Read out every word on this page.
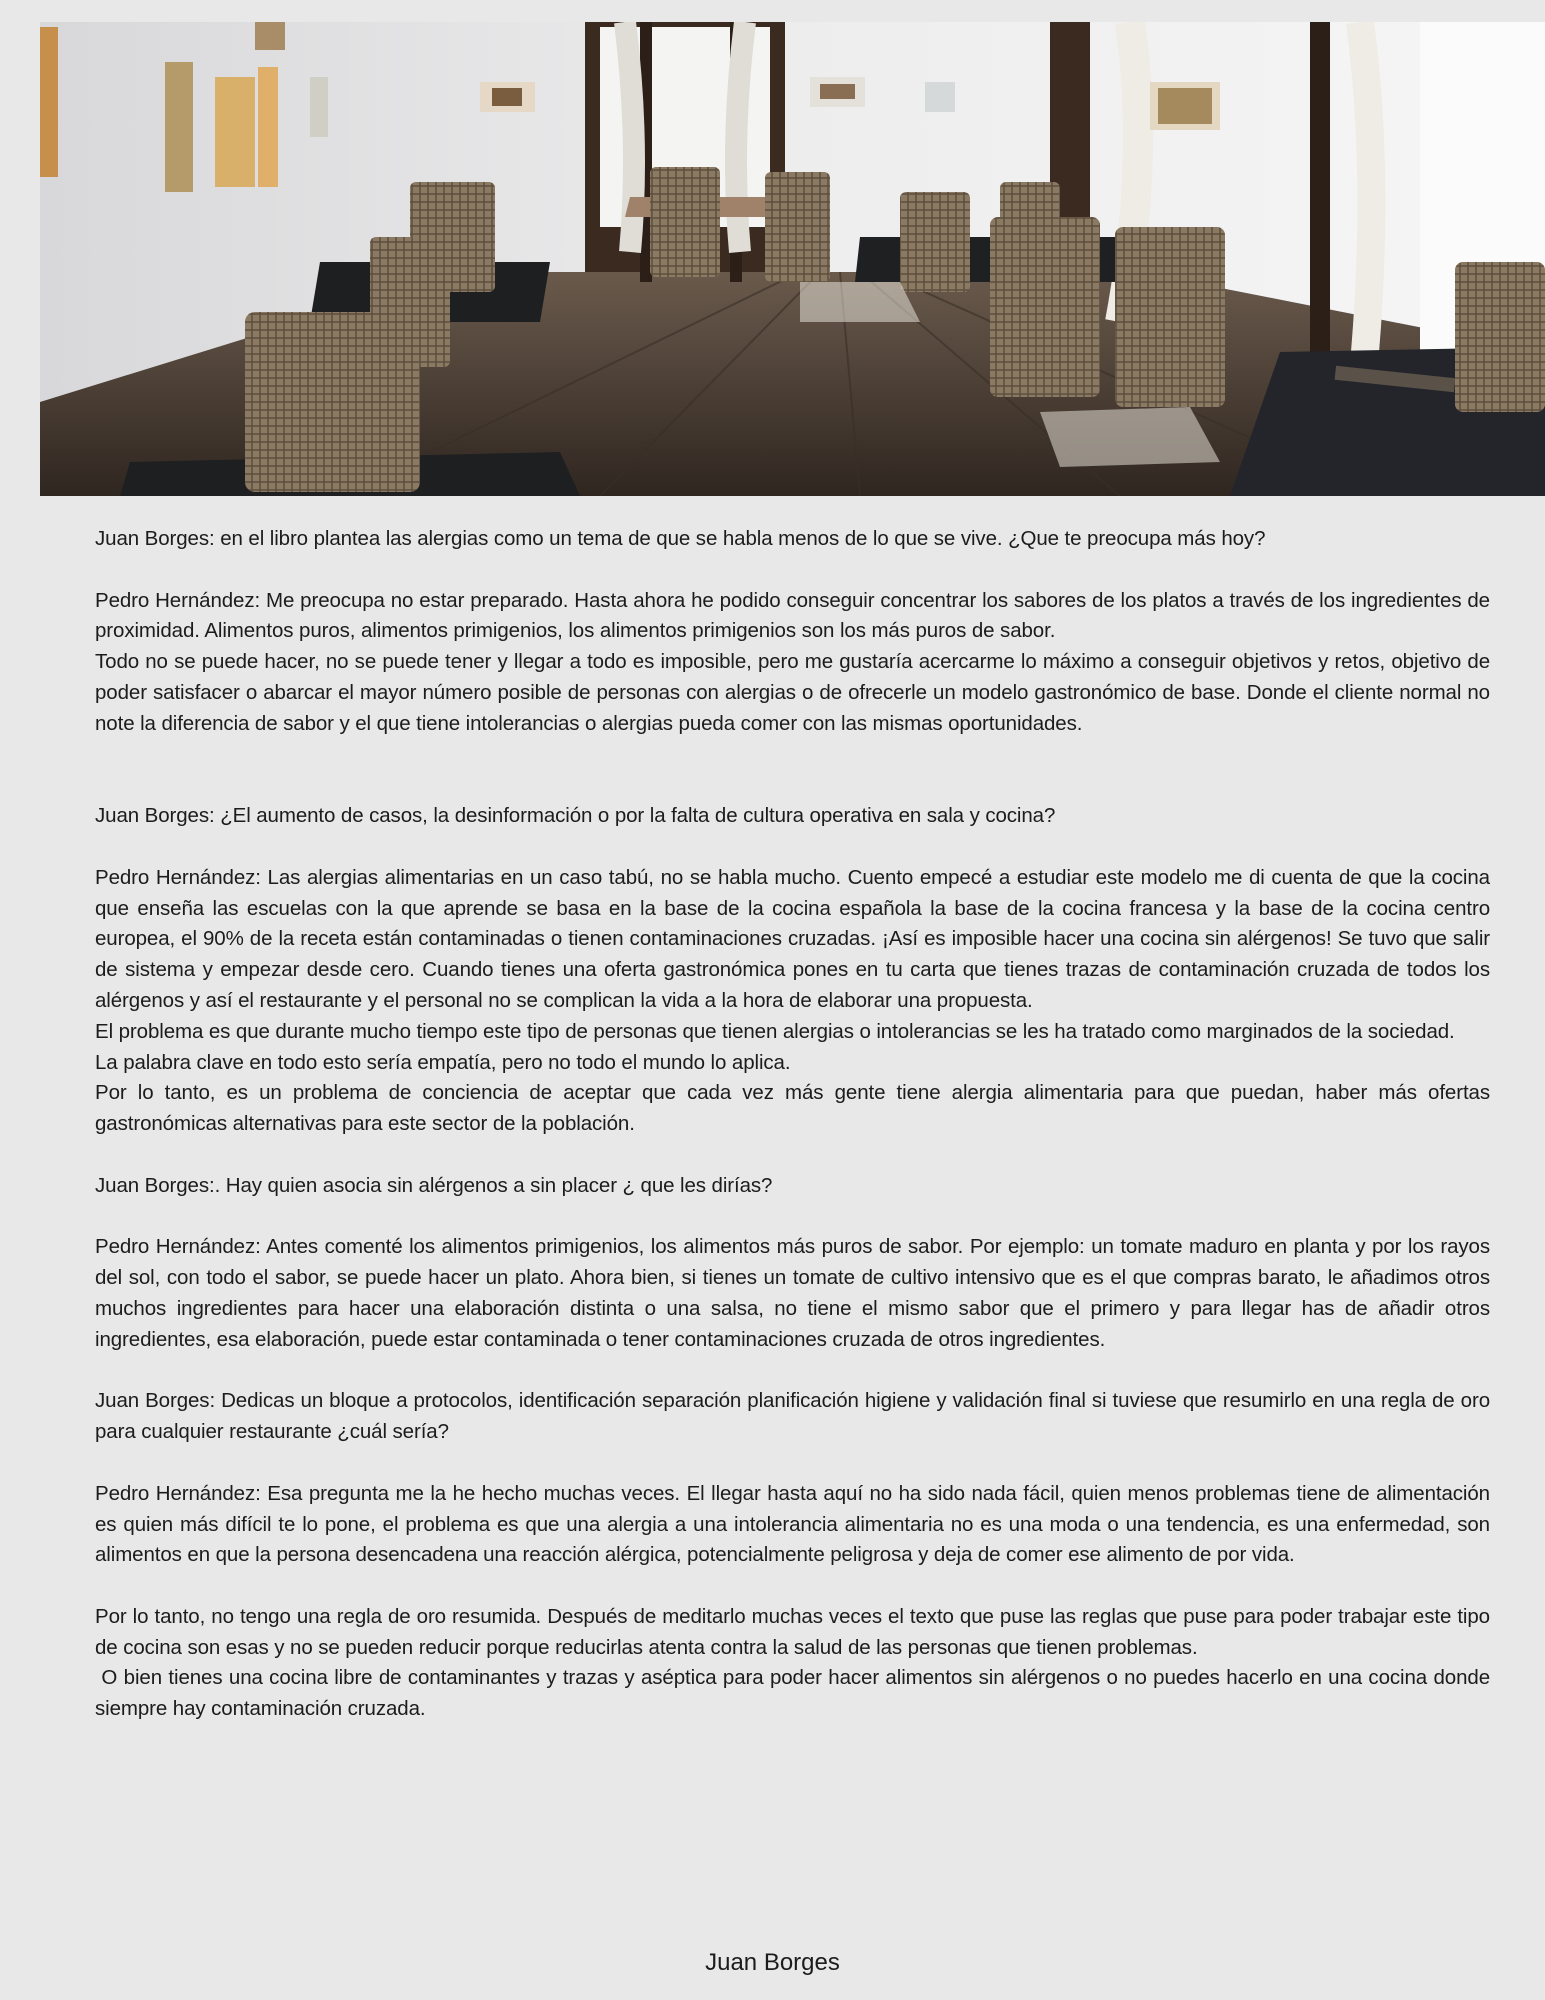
Juan Borges: en el libro plantea las alergias como un tema de que se habla menos de lo que se vive. ¿Que te preocupa más hoy?

Pedro Hernández: Me preocupa no estar preparado. Hasta ahora he podido conseguir concentrar los sabores de los platos a través de los ingredientes de proximidad. Alimentos puros, alimentos primigenios, los alimentos primigenios son los más puros de sabor.

Todo no se puede hacer, no se puede tener y llegar a todo es imposible, pero me gustaría acercarme lo máximo a conseguir objetivos y retos, objetivo de poder satisfacer o abarcar el mayor número posible de personas con alergias o de ofrecerle un modelo gastronómico de base. Donde el cliente normal no note la diferencia de sabor y el que tiene intolerancias o alergias pueda comer con las mismas oportunidades.

Juan Borges: ¿El aumento de casos, la desinformación o por la falta de cultura operativa en sala y cocina?

Pedro Hernández: Las alergias alimentarias en un caso tabú, no se habla mucho. Cuento empecé a estudiar este modelo me di cuenta de que la cocina que enseña las escuelas con la que aprende se basa en la base de la cocina española la base de la cocina francesa y la base de la cocina centro europea, el 90% de la receta están contaminadas o tienen contaminaciones cruzadas. ¡Así es imposible hacer una cocina sin alérgenos! Se tuvo que salir de sistema y empezar desde cero. Cuando tienes una oferta gastronómica pones en tu carta que tienes trazas de contaminación cruzada de todos los alérgenos y así el restaurante y el personal no se complican la vida a la hora de elaborar una propuesta.

El problema es que durante mucho tiempo este tipo de personas que tienen alergias o intolerancias se les ha tratado como marginados de la sociedad.

La palabra clave en todo esto sería empatía, pero no todo el mundo lo aplica.

Por lo tanto, es un problema de conciencia de aceptar que cada vez más gente tiene alergia alimentaria para que puedan, haber más ofertas gastronómicas alternativas para este sector de la población.

Juan Borges:. Hay quien asocia sin alérgenos a sin placer ¿ que les dirías?

Pedro Hernández: Antes comenté los alimentos primigenios, los alimentos más puros de sabor. Por ejemplo: un tomate maduro en planta y por los rayos del sol, con todo el sabor, se puede hacer un plato. Ahora bien, si tienes un tomate de cultivo intensivo que es el que compras barato, le añadimos otros muchos ingredientes para hacer una elaboración distinta o una salsa, no tiene el mismo sabor que el primero y para llegar has de añadir otros ingredientes, esa elaboración, puede estar contaminada o tener contaminaciones cruzada de otros ingredientes.

Juan Borges: Dedicas un bloque a protocolos, identificación separación planificación higiene y validación final si tuviese que resumirlo en una regla de oro para cualquier restaurante ¿cuál sería?

Pedro Hernández: Esa pregunta me la he hecho muchas veces. El llegar hasta aquí no ha sido nada fácil, quien menos problemas tiene de alimentación es quien más difícil te lo pone, el problema es que una alergia a una intolerancia alimentaria no es una moda o una tendencia, es una enfermedad, son alimentos en que la persona desencadena una reacción alérgica, potencialmente peligrosa y deja de comer ese alimento de por vida.

Por lo tanto, no tengo una regla de oro resumida. Después de meditarlo muchas veces el texto que puse las reglas que puse para poder trabajar este tipo de cocina son esas y no se pueden reducir porque reducirlas atenta contra la salud de las personas que tienen problemas.

O bien tienes una cocina libre de contaminantes y trazas y aséptica para poder hacer alimentos sin alérgenos o no puedes hacerlo en una cocina donde siempre hay contaminación cruzada.

Juan Borges
